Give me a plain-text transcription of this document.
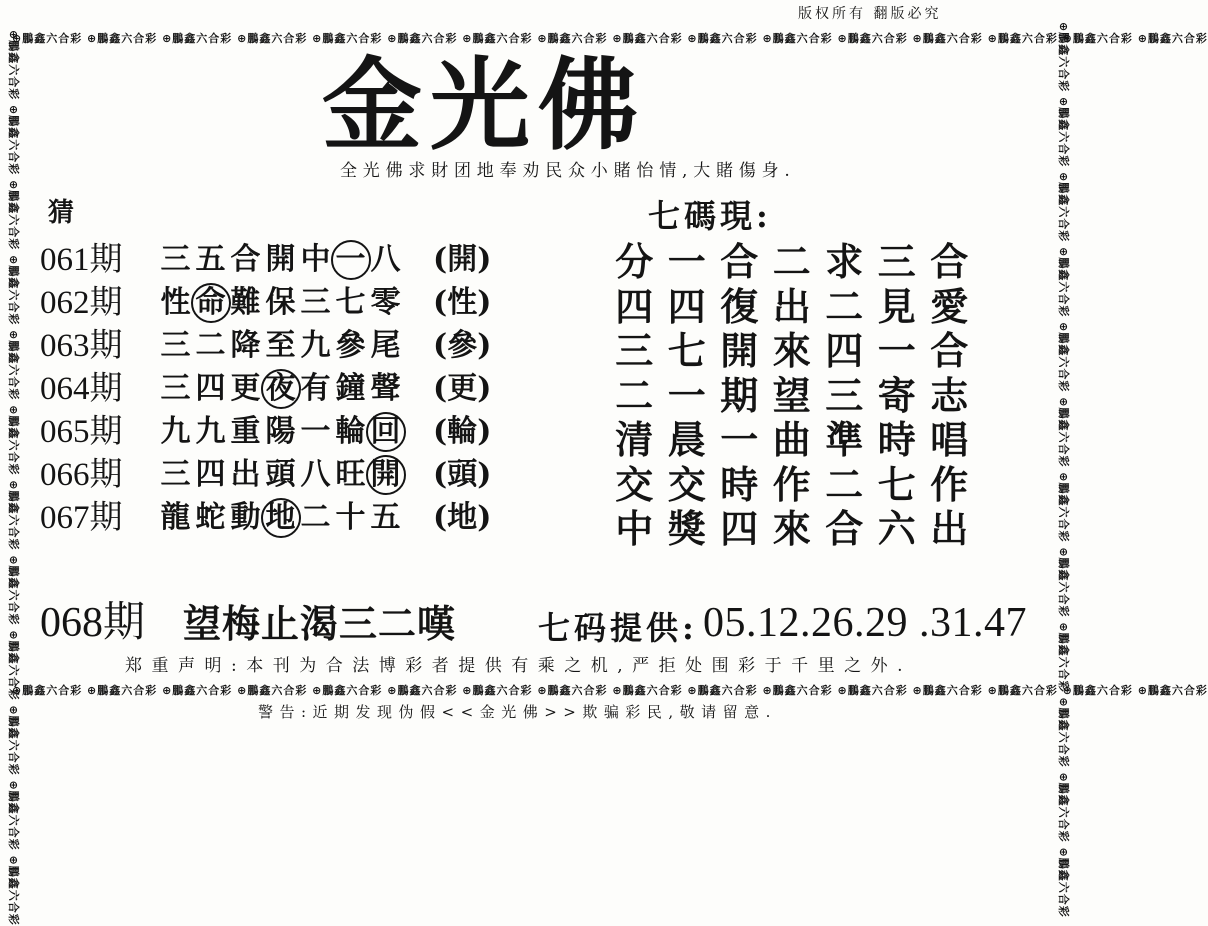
版权所有 翻版必究
⊕鵬鑫六合彩 ⊕鵬鑫六合彩 ⊕鵬鑫六合彩 ⊕鵬鑫六合彩 ⊕鵬鑫六合彩 ⊕鵬鑫六合彩 ⊕鵬鑫六合彩 ⊕鵬鑫六合彩 ⊕鵬鑫六合彩 ⊕鵬鑫六合彩 ⊕鵬鑫六合彩 ⊕鵬鑫六合彩 ⊕鵬鑫六合彩 ⊕鵬鑫六合彩 ⊕鵬鑫六合彩 ⊕鵬鑫六合彩
⊕鵬鑫六合彩 ⊕鵬鑫六合彩 ⊕鵬鑫六合彩 ⊕鵬鑫六合彩 ⊕鵬鑫六合彩 ⊕鵬鑫六合彩 ⊕鵬鑫六合彩 ⊕鵬鑫六合彩 ⊕鵬鑫六合彩 ⊕鵬鑫六合彩 ⊕鵬鑫六合彩 ⊕鵬鑫六合彩 ⊕鵬鑫六合彩 ⊕鵬鑫六合彩 ⊕鵬鑫六合彩 ⊕鵬鑫六合彩
⊕鵬鑫六合彩 ⊕鵬鑫六合彩 ⊕鵬鑫六合彩 ⊕鵬鑫六合彩 ⊕鵬鑫六合彩 ⊕鵬鑫六合彩 ⊕鵬鑫六合彩 ⊕鵬鑫六合彩 ⊕鵬鑫六合彩 ⊕鵬鑫六合彩 ⊕鵬鑫六合彩 ⊕鵬鑫六合彩	⊕鵬鑫六合彩 ⊕鵬鑫六合彩 ⊕鵬鑫六合彩 ⊕鵬鑫六合彩 ⊕鵬鑫六合彩 ⊕鵬鑫六合彩 ⊕鵬鑫六合彩 ⊕鵬鑫六合彩 ⊕鵬鑫六合彩 ⊕鵬鑫六合彩 ⊕鵬鑫六合彩 ⊕鵬鑫六合彩
金光佛
全光佛求財团地奉劝民众小賭怡情,大賭傷身.
猜
061期	三 五 合 開 中 一 八 (開)
062期	性 命 難 保 三 七 零 (性)
063期	三 二 降 至 九 參 尾 (參)
064期	三 四 更 夜 有 鐘 聲 (更)
065期	九 九 重 陽 一 輪 回 (輪)
066期	三 四 出 頭 八 旺 開 (頭)
067期	龍 蛇 動 地 二 十 五 (地)
七碼現:
分 一 合 二 求 三 合
四 四 復 出 二 見 愛
三 七 開 來 四 一 合
二 一 期 望 三 寄 志
清 晨 一 曲 準 時 唱
交 交 時 作 二 七 作
中 獎 四 來 合 六 出
068期 望梅止渴三二嘆	七码提供: 05.12.26.29 .31.47
郑重声明:本刊为合法博彩者提供有乘之机,严拒处围彩于千里之外.
警告:近期发现伪假<<金光佛>>欺骗彩民,敬请留意.
